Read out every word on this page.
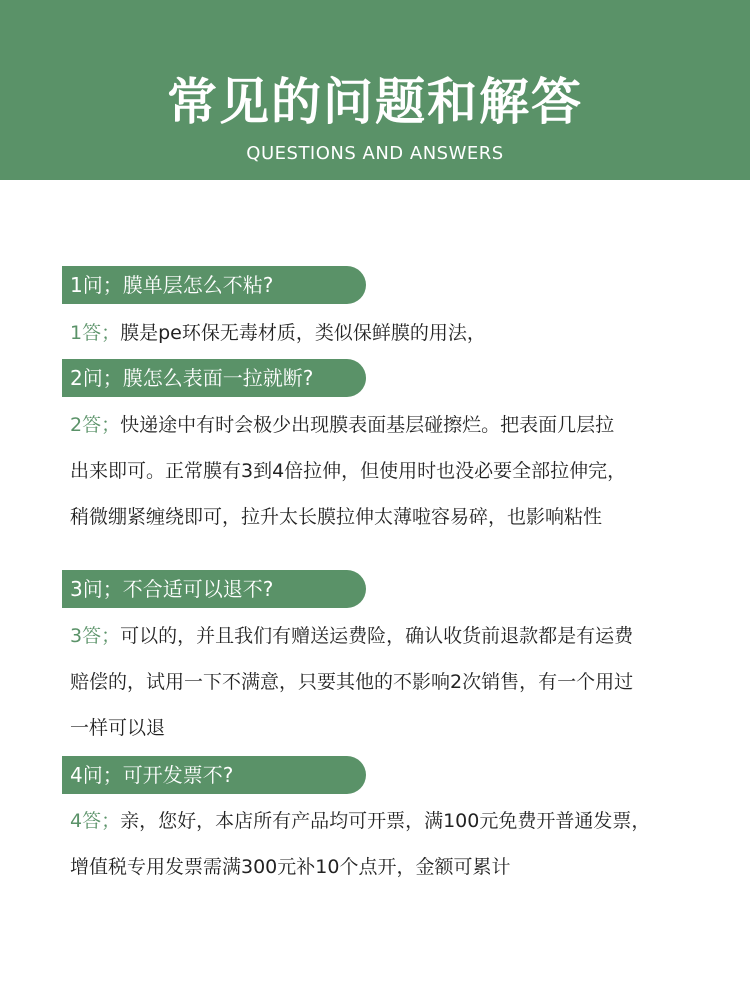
常见的问题和解答
QUESTIONS AND ANSWERS
1问；膜单层怎么不粘?
1答；膜是pe环保无毒材质，类似保鲜膜的用法，
2问；膜怎么表面一拉就断?
2答；快递途中有时会极少出现膜表面基层碰擦烂。把表面几层拉
出来即可。正常膜有3到4倍拉伸，但使用时也没必要全部拉伸完，
稍微绷紧缠绕即可，拉升太长膜拉伸太薄啦容易碎，也影响粘性
3问；不合适可以退不?
3答；可以的，并且我们有赠送运费险，确认收货前退款都是有运费
赔偿的，试用一下不满意，只要其他的不影响2次销售，有一个用过
一样可以退
4问；可开发票不?
4答；亲，您好，本店所有产品均可开票，满100元免费开普通发票，
增值税专用发票需满300元补10个点开，金额可累计
